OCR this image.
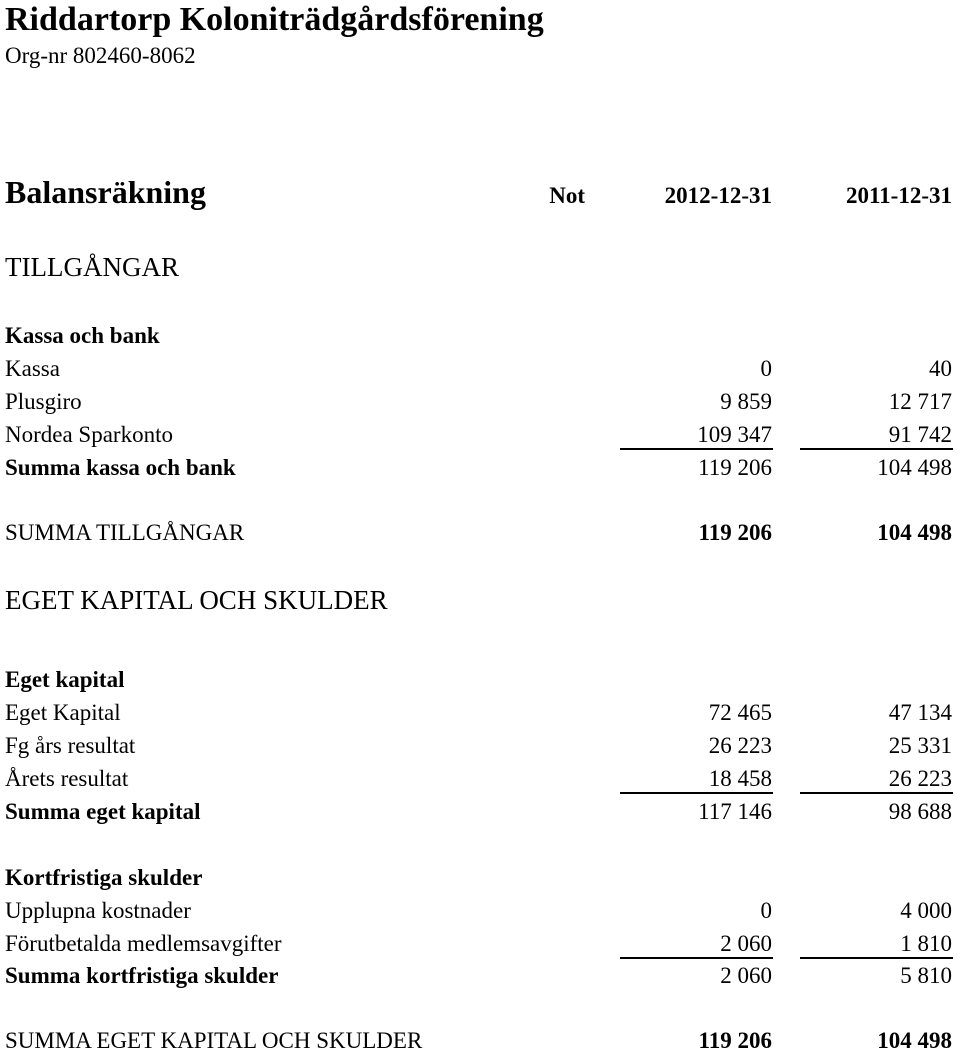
Riddartorp Koloniträdgårdsförening
Org-nr 802460-8062
Balansräkning	Not	2012-12-31	2011-12-31
TILLGÅNGAR
Kassa och bank
Kassa	0	40
Plusgiro	9 859	12 717
Nordea Sparkonto	109 347	91 742
Summa kassa och bank	119 206	104 498
SUMMA TILLGÅNGAR	119 206	104 498
EGET KAPITAL OCH SKULDER
Eget kapital
Eget Kapital	72 465	47 134
Fg års resultat	26 223	25 331
Årets resultat	18 458	26 223
Summa eget kapital	117 146	98 688
Kortfristiga skulder
Upplupna kostnader	0	4 000
Förutbetalda medlemsavgifter	2 060	1 810
Summa kortfristiga skulder	2 060	5 810
SUMMA EGET KAPITAL OCH SKULDER	119 206	104 498
